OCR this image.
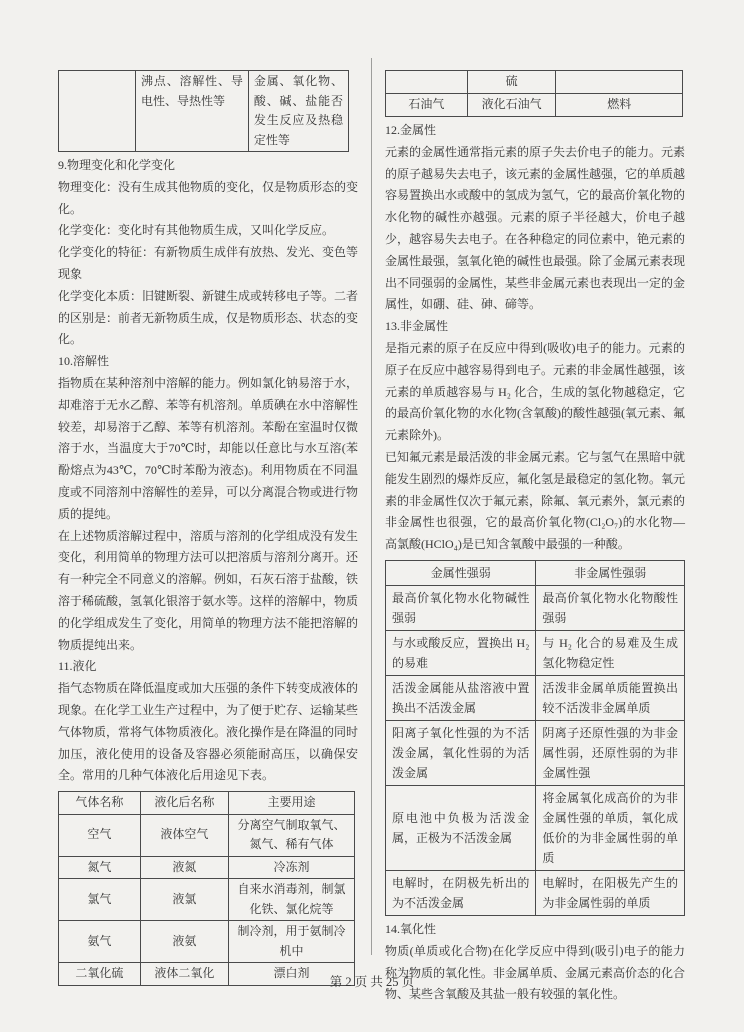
	沸点、溶解性、导电性、导热性等	金属、氧化物、酸、碱、盐能否发生反应及热稳定性等

9.物理变化和化学变化

物理变化：没有生成其他物质的变化，仅是物质形态的变化。

化学变化：变化时有其他物质生成，又叫化学反应。

化学变化的特征：有新物质生成伴有放热、发光、变色等现象

化学变化本质：旧键断裂、新键生成或转移电子等。二者的区别是：前者无新物质生成，仅是物质形态、状态的变化。

10.溶解性

指物质在某种溶剂中溶解的能力。例如氯化钠易溶于水，却难溶于无水乙醇、苯等有机溶剂。单质碘在水中溶解性较差，却易溶于乙醇、苯等有机溶剂。苯酚在室温时仅微溶于水，当温度大于70℃时，却能以任意比与水互溶(苯酚熔点为43℃，70℃时苯酚为液态)。利用物质在不同温度或不同溶剂中溶解性的差异，可以分离混合物或进行物质的提纯。

在上述物质溶解过程中，溶质与溶剂的化学组成没有发生变化，利用简单的物理方法可以把溶质与溶剂分离开。还有一种完全不同意义的溶解。例如，石灰石溶于盐酸，铁溶于稀硫酸，氢氧化银溶于氨水等。这样的溶解中，物质的化学组成发生了变化，用简单的物理方法不能把溶解的物质提纯出来。

11.液化

指气态物质在降低温度或加大压强的条件下转变成液体的现象。在化学工业生产过程中，为了便于贮存、运输某些气体物质，常将气体物质液化。液化操作是在降温的同时加压，液化使用的设备及容器必须能耐高压，以确保安全。常用的几种气体液化后用途见下表。

气体名称	液化后名称	主要用途
空气	液体空气	分离空气制取氧气、氮气、稀有气体
氮气	液氮	冷冻剂
氯气	液氯	自来水消毒剂，制氯化铁、氯化烷等
氨气	液氨	制冷剂，用于氨制冷机中
二氧化硫	液体二氧化	漂白剂
	硫	
石油气	液化石油气	燃料

12.金属性

元素的金属性通常指元素的原子失去价电子的能力。元素的原子越易失去电子，该元素的金属性越强，它的单质越容易置换出水或酸中的氢成为氢气，它的最高价氧化物的水化物的碱性亦越强。元素的原子半径越大，价电子越少，越容易失去电子。在各种稳定的同位素中，铯元素的金属性最强，氢氧化铯的碱性也最强。除了金属元素表现出不同强弱的金属性，某些非金属元素也表现出一定的金属性，如硼、硅、砷、碲等。

13.非金属性

是指元素的原子在反应中得到(吸收)电子的能力。元素的原子在反应中越容易得到电子。元素的非金属性越强，该元素的单质越容易与 H₂ 化合，生成的氢化物越稳定，它的最高价氧化物的水化物(含氧酸)的酸性越强(氧元素、氟元素除外)。

已知氟元素是最活泼的非金属元素。它与氢气在黑暗中就能发生剧烈的爆炸反应，氟化氢是最稳定的氢化物。氧元素的非金属性仅次于氟元素，除氟、氧元素外，氯元素的非金属性也很强，它的最高价氧化物(Cl₂O₇)的水化物—高氯酸(HClO₄)是已知含氧酸中最强的一种酸。

金属性强弱	非金属性强弱
最高价氧化物水化物碱性强弱	最高价氧化物水化物酸性强弱
与水或酸反应，置换出 H₂ 的易难	与 H₂ 化合的易难及生成氢化物稳定性
活泼金属能从盐溶液中置换出不活泼金属	活泼非金属单质能置换出较不活泼非金属单质
阳离子氧化性强的为不活泼金属，氧化性弱的为活泼金属	阴离子还原性强的为非金属性弱，还原性弱的为非金属性强
原电池中负极为活泼金属，正极为不活泼金属	将金属氧化成高价的为非金属性强的单质，氧化成低价的为非金属性弱的单质
电解时，在阴极先析出的为不活泼金属	电解时，在阳极先产生的为非金属性弱的单质

14.氧化性

物质(单质或化合物)在化学反应中得到(吸引)电子的能力称为物质的氧化性。非金属单质、金属元素高价态的化合物、某些含氧酸及其盐一般有较强的氧化性。

第 2 页 共 25 页
